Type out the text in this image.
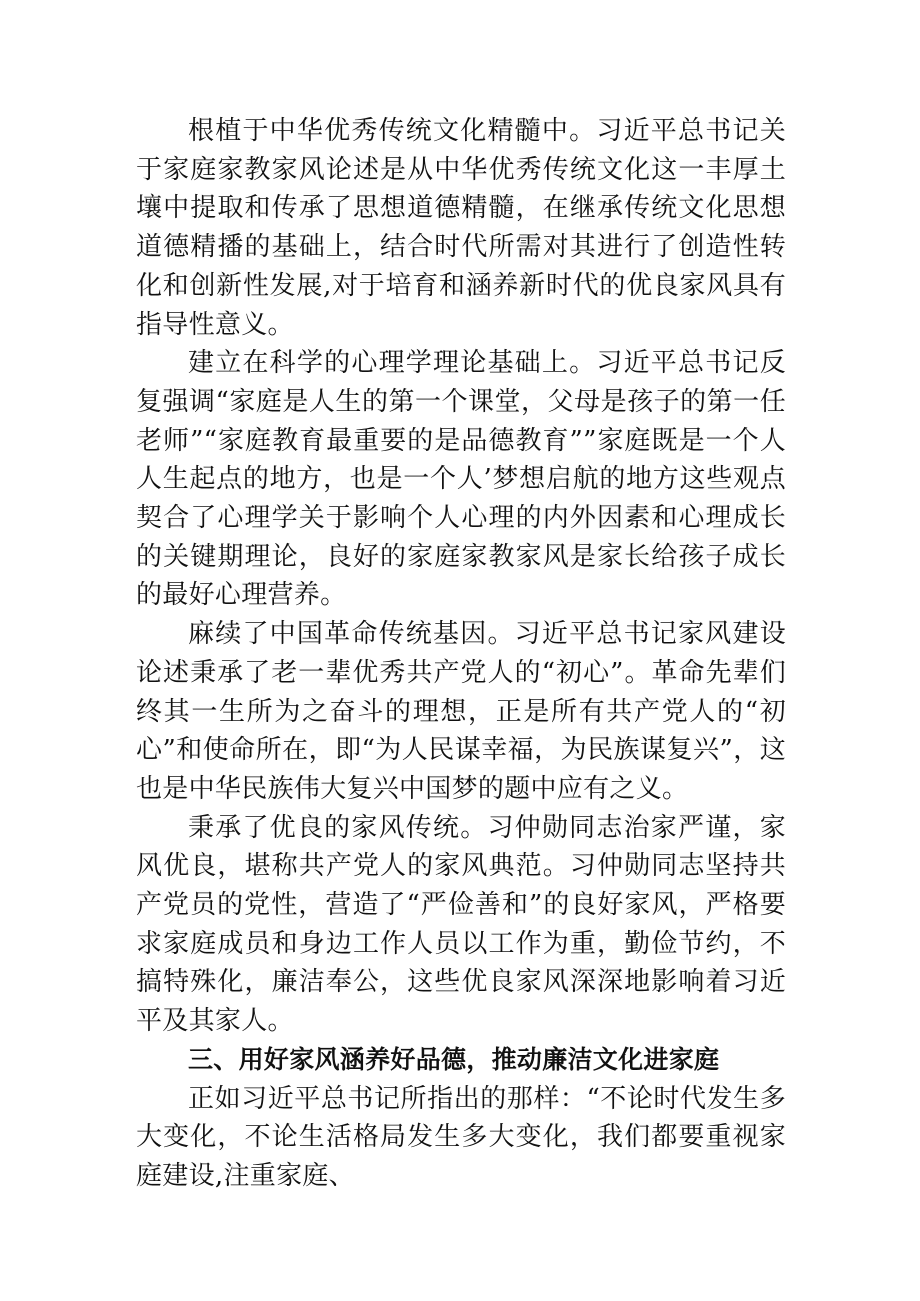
根植于中华优秀传统文化精髓中。习近平总书记关于家庭家教家风论述是从中华优秀传统文化这一丰厚土壤中提取和传承了思想道德精髓，在继承传统文化思想道德精播的基础上，结合时代所需对其进行了创造性转化和创新性发展,对于培育和涵养新时代的优良家风具有指导性意义。

建立在科学的心理学理论基础上。习近平总书记反复强调“家庭是人生的第一个课堂，父母是孩子的第一任老师”“家庭教育最重要的是品德教育””家庭既是一个人人生起点的地方，也是一个人’梦想启航的地方这些观点契合了心理学关于影响个人心理的内外因素和心理成长的关键期理论，良好的家庭家教家风是家长给孩子成长的最好心理营养。

麻续了中国革命传统基因。习近平总书记家风建设论述秉承了老一辈优秀共产党人的“初心”。革命先辈们终其一生所为之奋斗的理想，正是所有共产党人的“初心”和使命所在，即“为人民谋幸福，为民族谋复兴”，这也是中华民族伟大复兴中国梦的题中应有之义。

秉承了优良的家风传统。习仲勋同志治家严谨，家风优良，堪称共产党人的家风典范。习仲勋同志坚持共产党员的党性，营造了“严俭善和”的良好家风，严格要求家庭成员和身边工作人员以工作为重，勤俭节约，不搞特殊化，廉洁奉公，这些优良家风深深地影响着习近平及其家人。

三、用好家风涵养好品德，推动廉洁文化进家庭

正如习近平总书记所指出的那样：“不论时代发生多大变化，不论生活格局发生多大变化，我们都要重视家庭建设,注重家庭、
